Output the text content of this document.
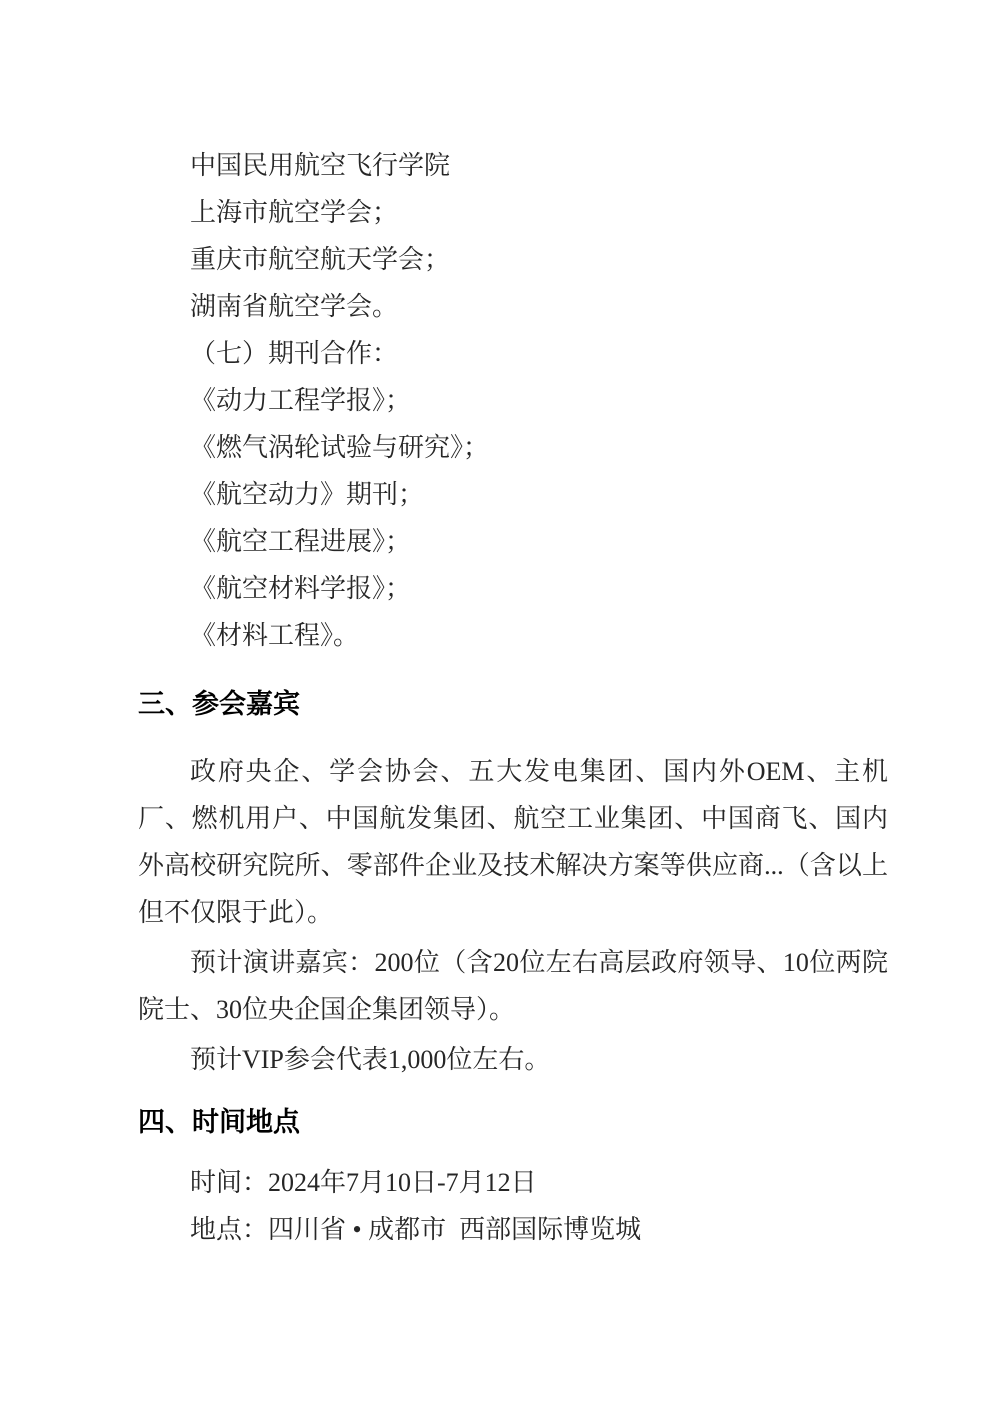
中国民用航空飞行学院

上海市航空学会；

重庆市航空航天学会；

湖南省航空学会。

（七）期刊合作：

《动力工程学报》；

《燃气涡轮试验与研究》；

《航空动力》期刊；

《航空工程进展》；

《航空材料学报》；

《材料工程》。

三、参会嘉宾

政府央企、学会协会、五大发电集团、国内外OEM、主机厂、燃机用户、中国航发集团、航空工业集团、中国商飞、国内外高校研究院所、零部件企业及技术解决方案等供应商...（含以上但不仅限于此）。

预计演讲嘉宾：200位（含20位左右高层政府领导、10位两院院士、30位央企国企集团领导）。

预计VIP参会代表1,000位左右。

四、时间地点

时间：2024年7月10日-7月12日

地点：四川省 • 成都市 西部国际博览城
